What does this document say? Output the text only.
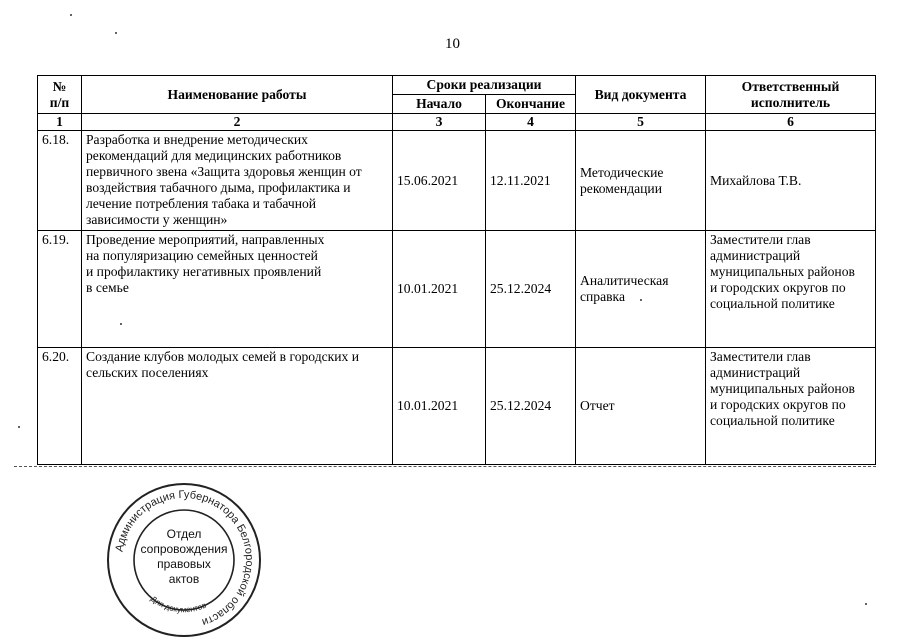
10
№
п/п	Наименование работы	Сроки реализации		Вид документа	Ответственный исполнитель
		Начало	Окончание		
1	2	3	4	5	6
6.18.	Разработка и внедрение методических рекомендаций для медицинских работников первичного звена «Защита здоровья женщин от воздействия табачного дыма, профилактика и лечение потребления табака и табачной зависимости у женщин»	15.06.2021	12.11.2021	Методические рекомендации	Михайлова Т.В.
6.19.	Проведение мероприятий, направленных
на популяризацию семейных ценностей
и профилактику негативных проявлений
в семье	10.01.2021	25.12.2024	Аналитическая справка	Заместители глав администраций муниципальных районов
и городских округов по социальной политике
6.20.	Создание клубов молодых семей в городских и сельских поселениях	10.01.2021	25.12.2024	Отчет	Заместители глав администраций муниципальных районов
и городских округов по социальной политике
Администрация Губернатора Белгородской области
Отдел
сопровождения
правовых
актов
Для документов
